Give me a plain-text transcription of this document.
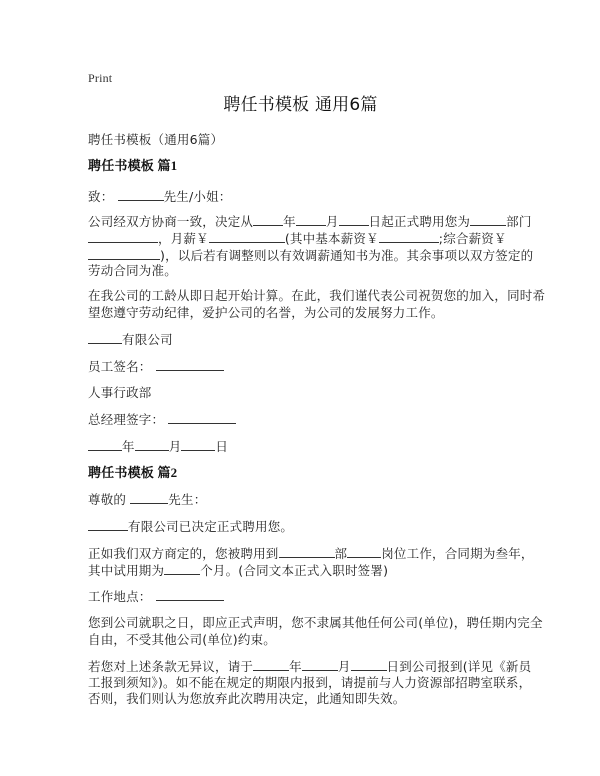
Print
聘任书模板 通用6篇
聘任书模板（通用6篇）
聘任书模板 篇1
致：	先生/小姐：
公司经双方协商一致，决定从 年 月 日起正式聘用您为	部门
，月薪￥	(其中基本薪资￥	;综合薪资￥
)，以后若有调整则以有效调薪通知书为准。其余事项以双方签定的
劳动合同为准。
在我公司的工龄从即日起开始计算。在此，我们谨代表公司祝贺您的加入，同时希
望您遵守劳动纪律，爱护公司的名誉，为公司的发展努力工作。
有限公司
员工签名：
人事行政部
总经理签字：
年	月	日
聘任书模板 篇2
尊敬的	先生：
有限公司已决定正式聘用您。
正如我们双方商定的，您被聘用到	部	岗位工作，合同期为叁年，
其中试用期为	个月。(合同文本正式入职时签署)
工作地点：
您到公司就职之日，即应正式声明，您不隶属其他任何公司(单位)，聘任期内完全
自由，不受其他公司(单位)约束。
若您对上述条款无异议，请于	年	月	日到公司报到(详见《新员
工报到须知》)。如不能在规定的期限内报到，请提前与人力资源部招聘室联系，
否则，我们则认为您放弃此次聘用决定，此通知即失效。
